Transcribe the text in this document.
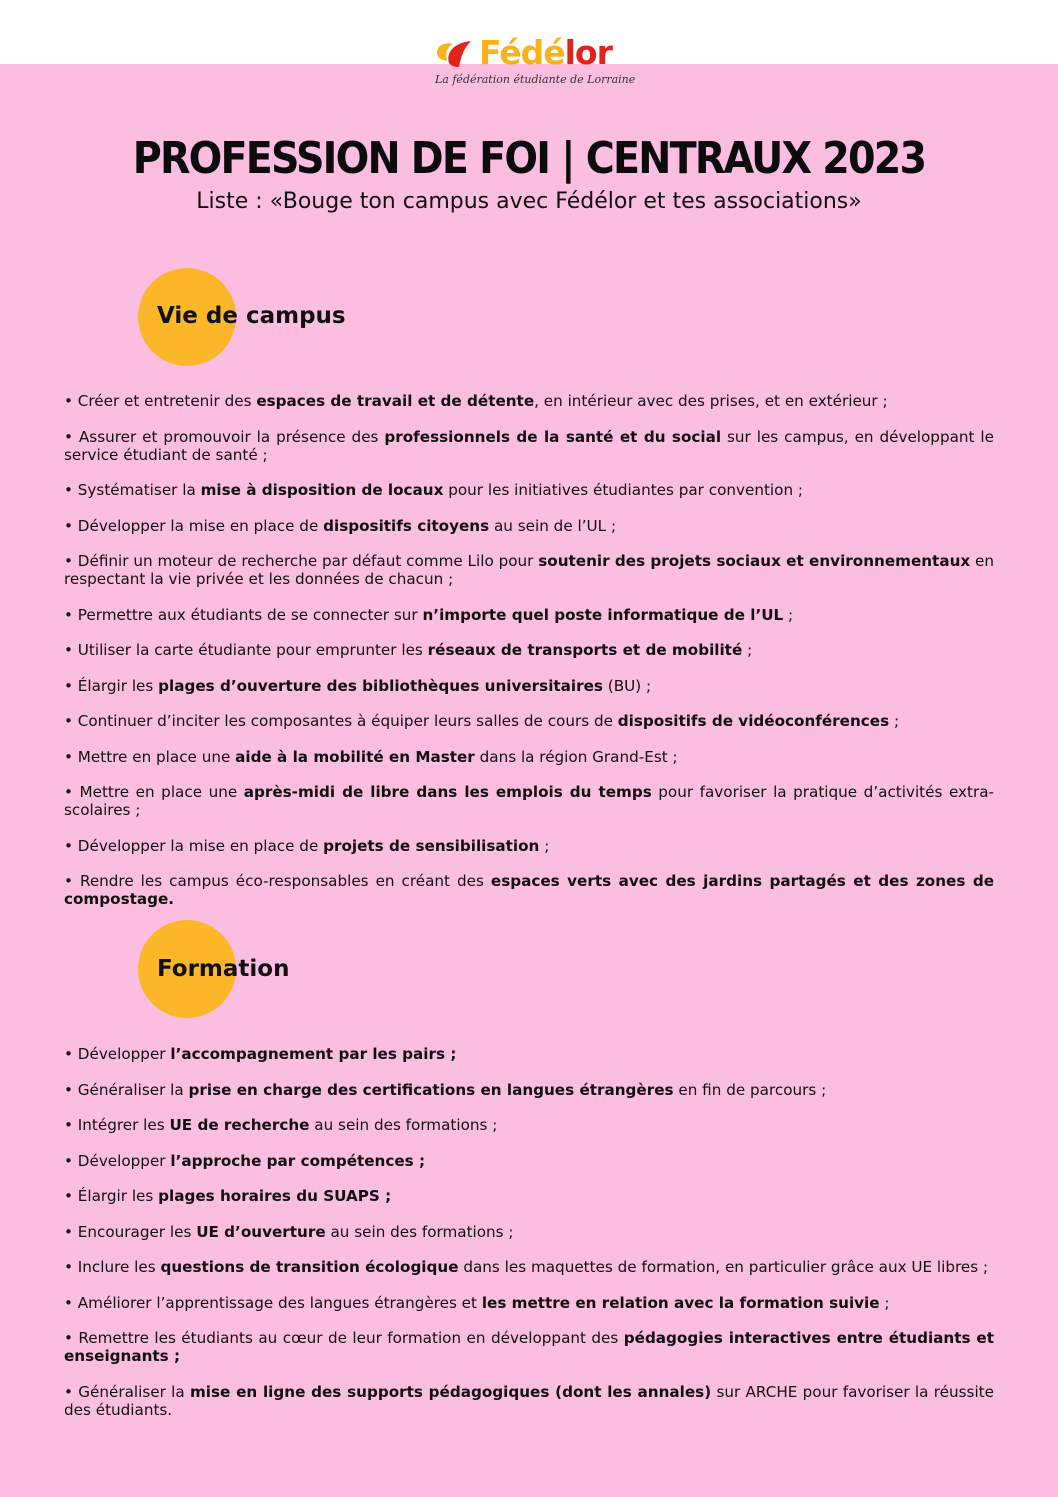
Fédélor
La fédération étudiante de Lorraine
PROFESSION DE FOI | CENTRAUX 2023
Liste : «Bouge ton campus avec Fédélor et tes associations»
Vie de campus
• Créer et entretenir des espaces de travail et de détente, en intérieur avec des prises, et en extérieur ;
• Assurer et promouvoir la présence des professionnels de la santé et du social sur les campus, en développant le service étudiant de santé ;
• Systématiser la mise à disposition de locaux pour les initiatives étudiantes par convention ;
• Développer la mise en place de dispositifs citoyens au sein de l’UL ;
• Définir un moteur de recherche par défaut comme Lilo pour soutenir des projets sociaux et environnementaux en respectant la vie privée et les données de chacun ;
• Permettre aux étudiants de se connecter sur n’importe quel poste informatique de l’UL ;
• Utiliser la carte étudiante pour emprunter les réseaux de transports et de mobilité ;
• Élargir les plages d’ouverture des bibliothèques universitaires (BU) ;
• Continuer d’inciter les composantes à équiper leurs salles de cours de dispositifs de vidéoconférences ;
• Mettre en place une aide à la mobilité en Master dans la région Grand-Est ;
• Mettre en place une après-midi de libre dans les emplois du temps pour favoriser la pratique d’activités extra-scolaires ;
• Développer la mise en place de projets de sensibilisation ;
• Rendre les campus éco-responsables en créant des espaces verts avec des jardins partagés et des zones de compostage.
Formation
• Développer l’accompagnement par les pairs ;
• Généraliser la prise en charge des certifications en langues étrangères en fin de parcours ;
• Intégrer les UE de recherche au sein des formations ;
• Développer l’approche par compétences ;
• Élargir les plages horaires du SUAPS ;
• Encourager les UE d’ouverture au sein des formations ;
• Inclure les questions de transition écologique dans les maquettes de formation, en particulier grâce aux UE libres ;
• Améliorer l’apprentissage des langues étrangères et les mettre en relation avec la formation suivie ;
• Remettre les étudiants au cœur de leur formation en développant des pédagogies interactives entre étudiants et enseignants ;
• Généraliser la mise en ligne des supports pédagogiques (dont les annales) sur ARCHE pour favoriser la réussite des étudiants.
